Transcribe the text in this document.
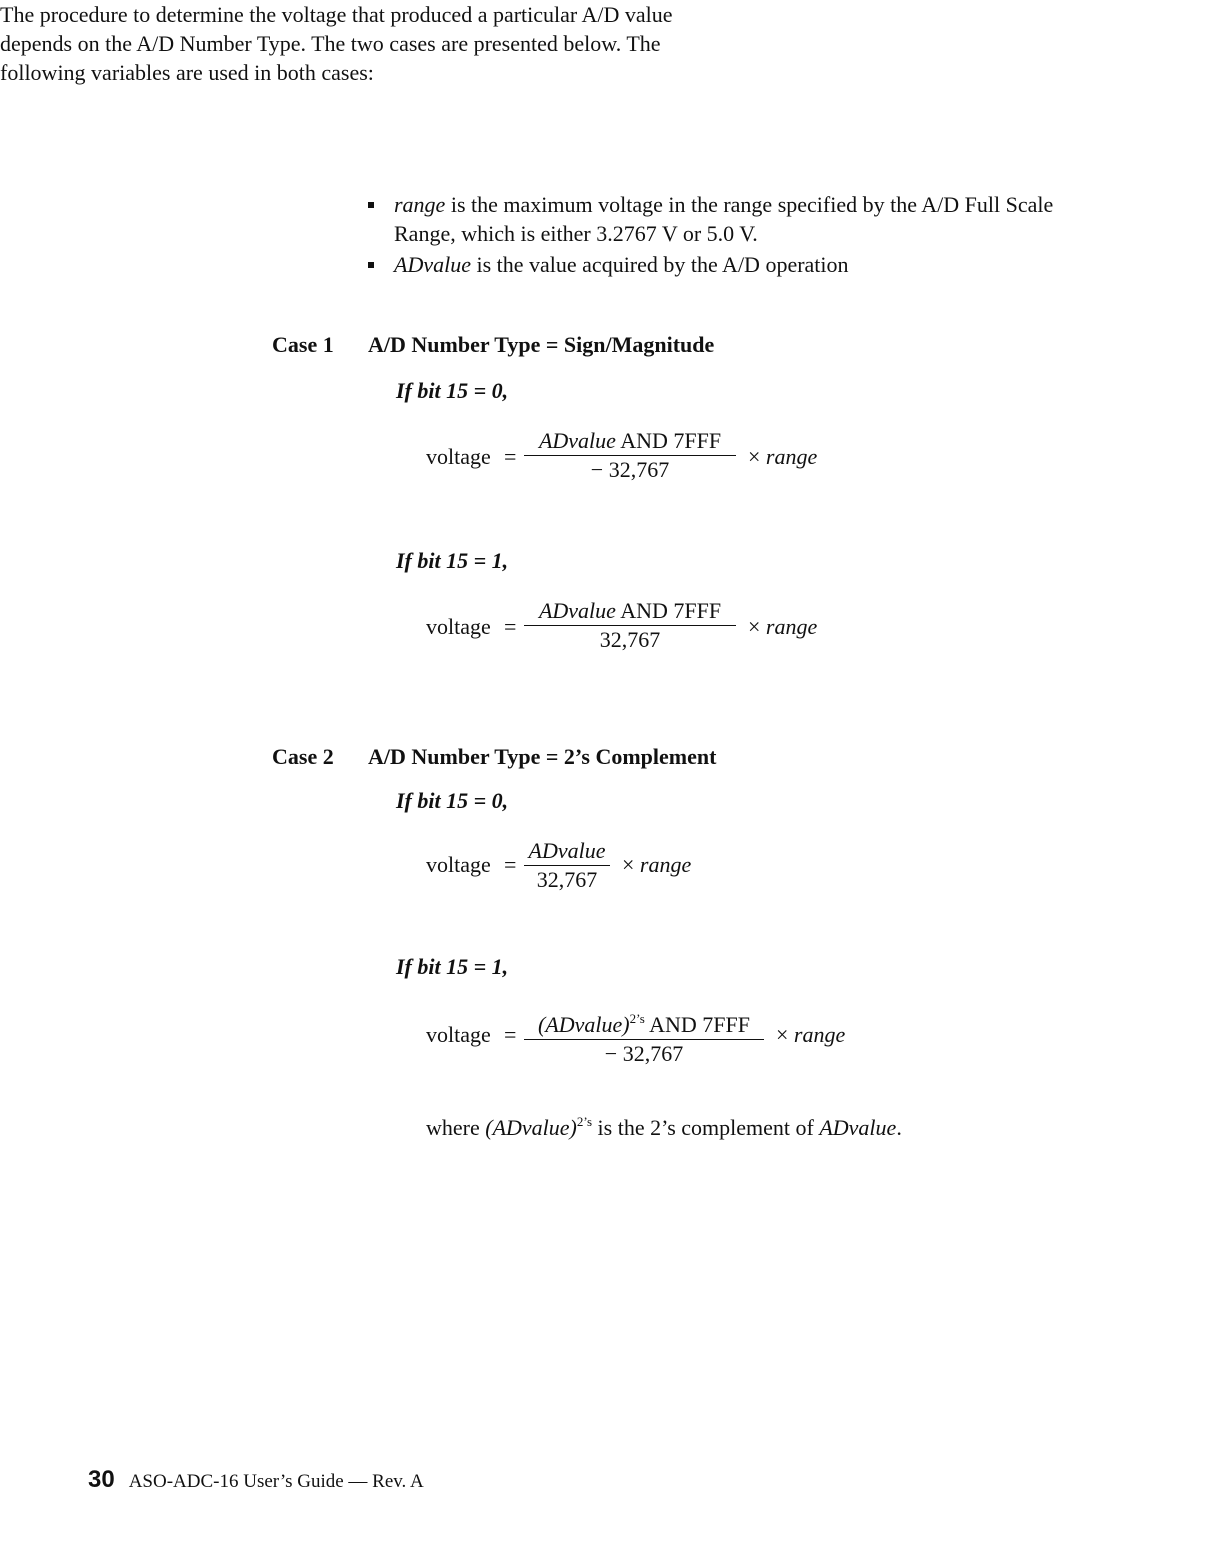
The procedure to determine the voltage that produced a particular A/D value depends on the A/D Number Type. The two cases are presented below. The following variables are used in both cases:

range is the maximum voltage in the range specified by the A/D Full Scale Range, which is either 3.2767 V or 5.0 V.
ADvalue is the value acquired by the A/D operation
Case 1 A/D Number Type = Sign/Magnitude
If bit 15 = 0,
voltage =
ADvalue AND 7FFF
− 32,767
× range
If bit 15 = 1,
voltage =
ADvalue AND 7FFF
32,767
× range
Case 2 A/D Number Type = 2’s Complement
If bit 15 = 0,
voltage =
ADvalue
32,767
× range
If bit 15 = 1,
voltage = (ADvalue)$^{2’s}$ AND 7FFF
− 32,767
× range
where (ADvalue)$^{2’s}$ is the 2’s complement of ADvalue.
30 ASO-ADC-16 User’s Guide — Rev. A
